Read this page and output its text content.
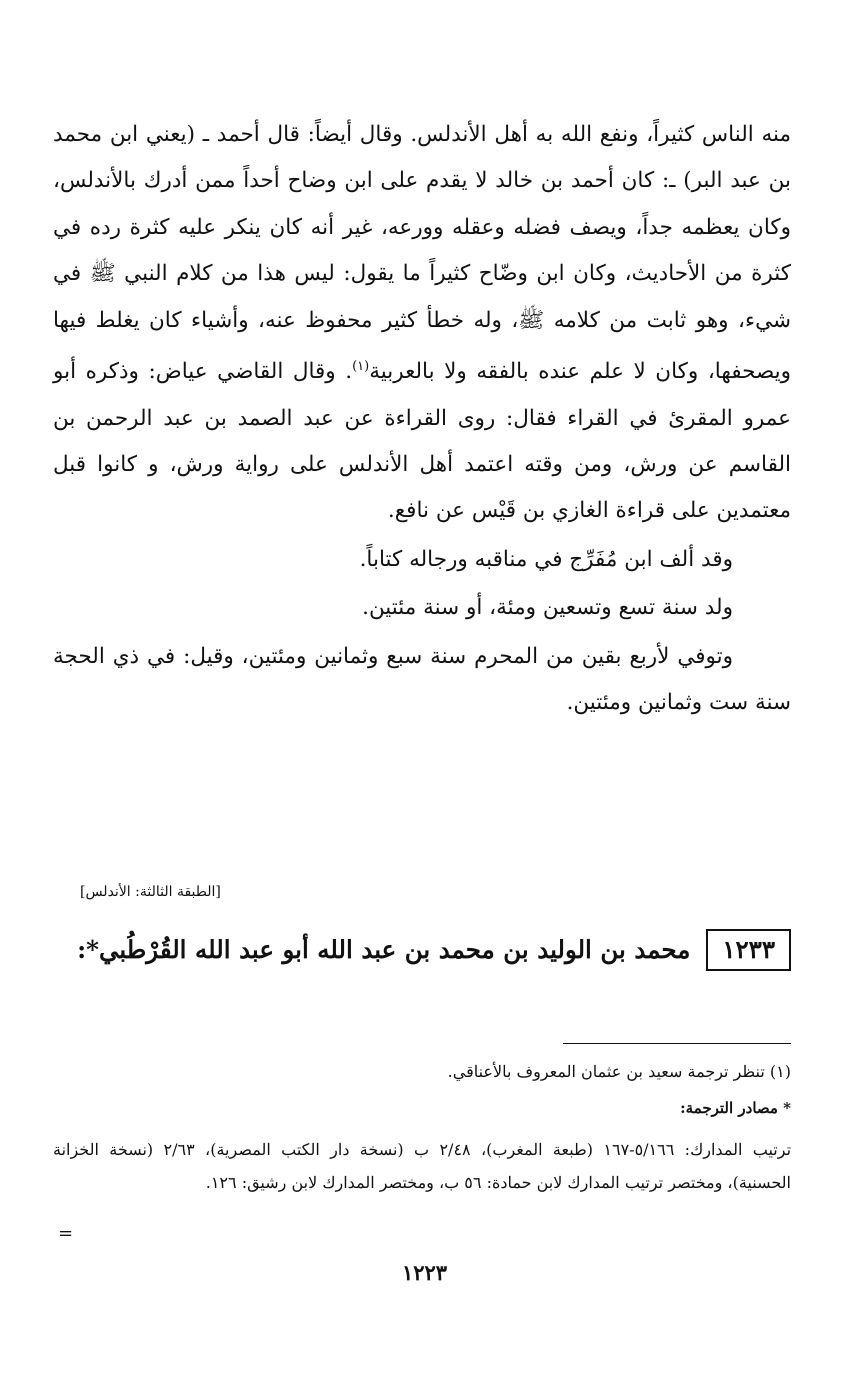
منه الناس كثيراً، ونفع الله به أهل الأندلس. وقال أيضاً: قال أحمد ـ (يعني ابن محمد بن عبد البر) ـ: كان أحمد بن خالد لا يقدم على ابن وضاح أحداً ممن أدرك بالأندلس، وكان يعظمه جداً، ويصف فضله وعقله وورعه، غير أنه كان ينكر عليه كثرة رده في كثرة من الأحاديث، وكان ابن وضّاح كثيراً ما يقول: ليس هذا من كلام النبي ﷺ في شيء، وهو ثابت من كلامه ﷺ، وله خطأ كثير محفوظ عنه، وأشياء كان يغلط فيها ويصحفها، وكان لا علم عنده بالفقه ولا بالعربية$^{(١)}$. وقال القاضي عياض: وذكره أبو عمرو المقرئ في القراء فقال: روى القراءة عن عبد الصمد بن عبد الرحمن بن القاسم عن ورش، ومن وقته اعتمد أهل الأندلس على رواية ورش، و كانوا قبل معتمدين على قراءة الغازي بن قَيْس عن نافع.

وقد ألف ابن مُفَرِّج في مناقبه ورجاله كتاباً.

ولد سنة تسع وتسعين ومئة، أو سنة مئتين.

وتوفي لأربع بقين من المحرم سنة سبع وثمانين ومئتين، وقيل: في ذي الحجة سنة ست وثمانين ومئتين.

[الطبقة الثالثة: الأندلس]
١٢٣٣محمد بن الوليد بن محمد بن عبد الله أبو عبد الله القُرْطُبي*:
(١) تنظر ترجمة سعيد بن عثمان المعروف بالأعناقي.
* مصادر الترجمة:
ترتيب المدارك: ٥/١٦٦-١٦٧ (طبعة المغرب)، ٢/٤٨ ب (نسخة دار الكتب المصرية)، ٢/٦٣ (نسخة الخزانة الحسنية)، ومختصر ترتيب المدارك لابن حمادة: ٥٦ ب، ومختصر المدارك لابن رشيق: ١٢٦.
=
١٢٢٣
